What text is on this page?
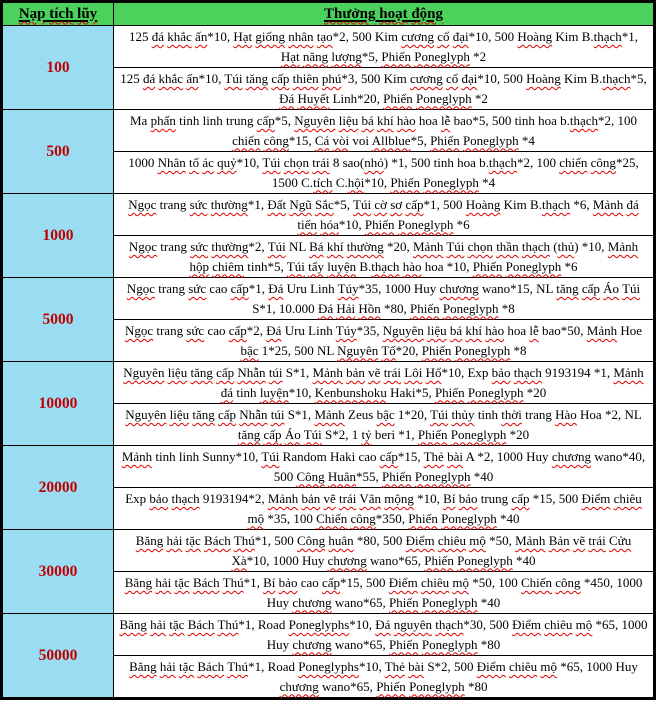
Nạp tích lũy	Thưởng hoạt động
100	125 đá khắc ấn*10, Hạt giống nhân tạo*2, 500 Kim cương cổ đại*10, 500 Hoàng Kim B.thạch*1, Hạt năng lượng*5, Phiến Poneglyph *2
	125 đá khắc ấn*10, Túi tăng cấp thiên phú*3, 500 Kim cương cổ đại*10, 500 Hoàng Kim B.thạch*5, Đá Huyết Linh*20, Phiến Poneglyph *2
500	Ma phấn tinh linh trung cấp*5, Nguyên liệu bá khí hào hoa lễ bao*5, 500 tinh hoa b.thạch*2, 100 chiến công*15, Cá vòi voi Allblue*5, Phiến Poneglyph *4
	1000 Nhân tố ác quỷ*10, Túi chọn trái 8 sao(nhỏ) *1, 500 tinh hoa b.thạch*2, 100 chiến công*25, 1500 C.tích C.hội*10, Phiến Poneglyph *4
1000	Ngọc trang sức thường*1, Đất Ngũ Sắc*5, Túi cờ sơ cấp*1, 500 Hoàng Kim B.thạch *6, Mảnh đá tiến hóa*10, Phiến Poneglyph *6
	Ngọc trang sức thường*2, Túi NL Bá khí thường *20, Mảnh Túi chọn thần thạch (thủ) *10, Mảnh hộp chiêm tinh*5, Túi tẩy luyện B.thạch hào hoa *10, Phiến Poneglyph *6
5000	Ngọc trang sức cao cấp*1, Đá Uru Linh Túy*35, 1000 Huy chương wano*15, NL tăng cấp Áo Túi S*1, 10.000 Đá Hải Hồn *80, Phiến Poneglyph *8
	Ngọc trang sức cao cấp*2, Đá Uru Linh Túy*35, Nguyên liệu bá khí hào hoa lễ bao*50, Mảnh Hoe bậc 1*25, 500 NL Nguyên Tố*20, Phiến Poneglyph *8
10000	Nguyên liệu tăng cấp Nhẫn túi S*1, Mảnh bản vẽ trái Lôi Hổ*10, Exp bảo thạch 9193194 *1, Mảnh đá tinh luyện*10, Kenbunshoku Haki*5, Phiến Poneglyph *20
	Nguyên liệu tăng cấp Nhẫn túi S*1, Mảnh Zeus bậc 1*20, Túi thủy tinh thời trang Hào Hoa *2, NL tăng cấp Áo Túi S*2, 1 tỷ beri *1, Phiến Poneglyph *20
20000	Mảnh tinh linh Sunny*10, Túi Random Haki cao cấp*15, Thẻ bài A *2, 1000 Huy chương wano*40, 500 Công Huân*55, Phiến Poneglyph *40
	Exp bảo thạch 9193194*2, Mảnh bản vẽ trái Vân mộng *10, Bí bảo trung cấp *15, 500 Điểm chiêu mộ *35, 100 Chiến công*350, Phiến Poneglyph *40
30000	Băng hải tặc Bách Thú*1, 500 Công huân *80, 500 Điểm chiêu mộ *50, Mảnh Bản vẽ trái Cửu Xà*10, 1000 Huy chương wano*65, Phiến Poneglyph *40
	Băng hải tặc Bách Thú*1, Bí bảo cao cấp*15, 500 Điểm chiêu mộ *50, 100 Chiến công *450, 1000 Huy chương wano*65, Phiến Poneglyph *40
50000	Băng hải tặc Bách Thú*1, Road Poneglyphs*10, Đá nguyên thạch*30, 500 Điểm chiêu mộ *65, 1000 Huy chương wano*65, Phiến Poneglyph *80
	Băng hải tặc Bách Thú*1, Road Poneglyphs*10, Thẻ bài S*2, 500 Điểm chiêu mộ *65, 1000 Huy chương wano*65, Phiến Poneglyph *80
